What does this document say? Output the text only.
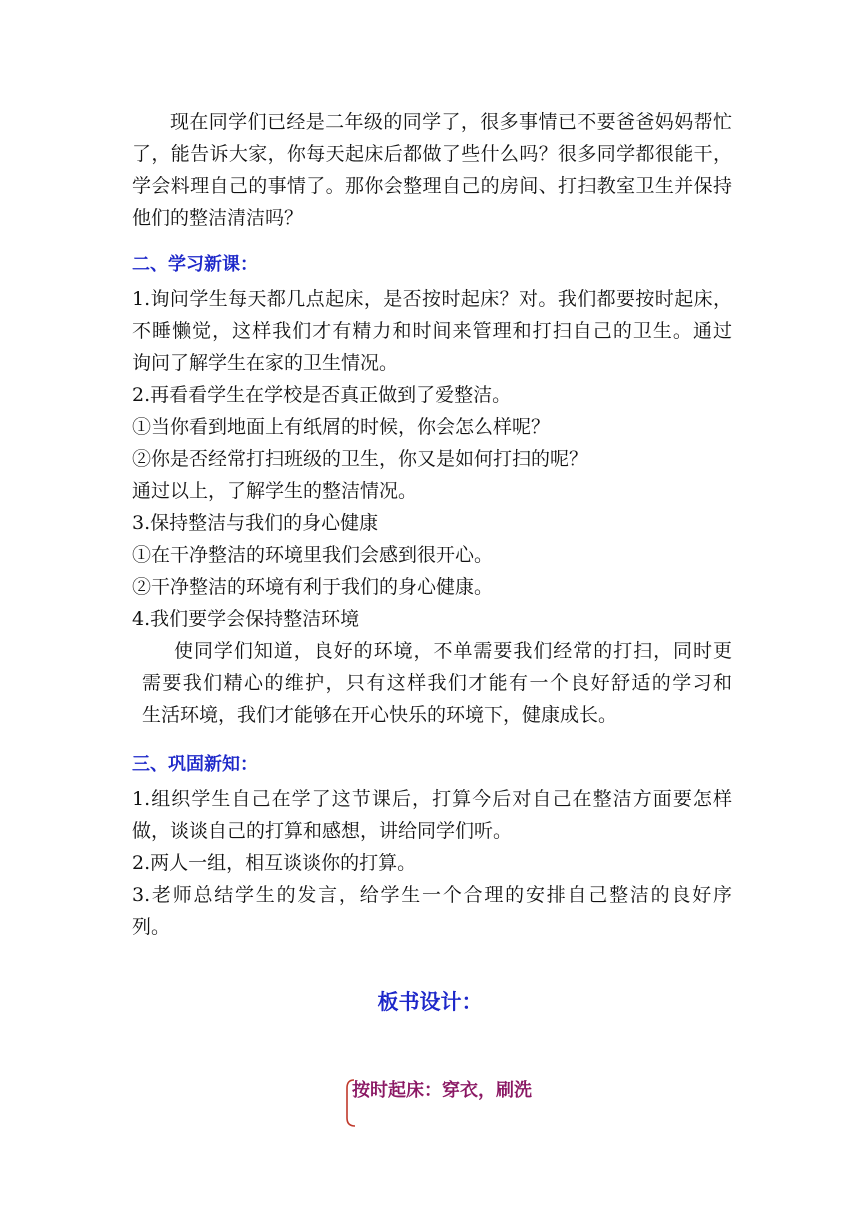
现在同学们已经是二年级的同学了，很多事情已不要爸爸妈妈帮忙了，能告诉大家，你每天起床后都做了些什么吗？很多同学都很能干，学会料理自己的事情了。那你会整理自己的房间、打扫教室卫生并保持他们的整洁清洁吗？

二、学习新课：
1.询问学生每天都几点起床，是否按时起床？对。我们都要按时起床，
不睡懒觉，这样我们才有精力和时间来管理和打扫自己的卫生。通过
询问了解学生在家的卫生情况。
2.再看看学生在学校是否真正做到了爱整洁。
①当你看到地面上有纸屑的时候，你会怎么样呢？
②你是否经常打扫班级的卫生，你又是如何打扫的呢？
通过以上，了解学生的整洁情况。
3.保持整洁与我们的身心健康
①在干净整洁的环境里我们会感到很开心。
②干净整洁的环境有利于我们的身心健康。
4.我们要学会保持整洁环境
使同学们知道，良好的环境，不单需要我们经常的打扫，同时更
需要我们精心的维护，只有这样我们才能有一个良好舒适的学习和
生活环境，我们才能够在开心快乐的环境下，健康成长。
三、巩固新知：
1.组织学生自己在学了这节课后，打算今后对自己在整洁方面要怎样
做，谈谈自己的打算和感想，讲给同学们听。
2.两人一组，相互谈谈你的打算。
3.老师总结学生的发言，给学生一个合理的安排自己整洁的良好序
列。
板书设计：
按时起床：穿衣，刷洗
